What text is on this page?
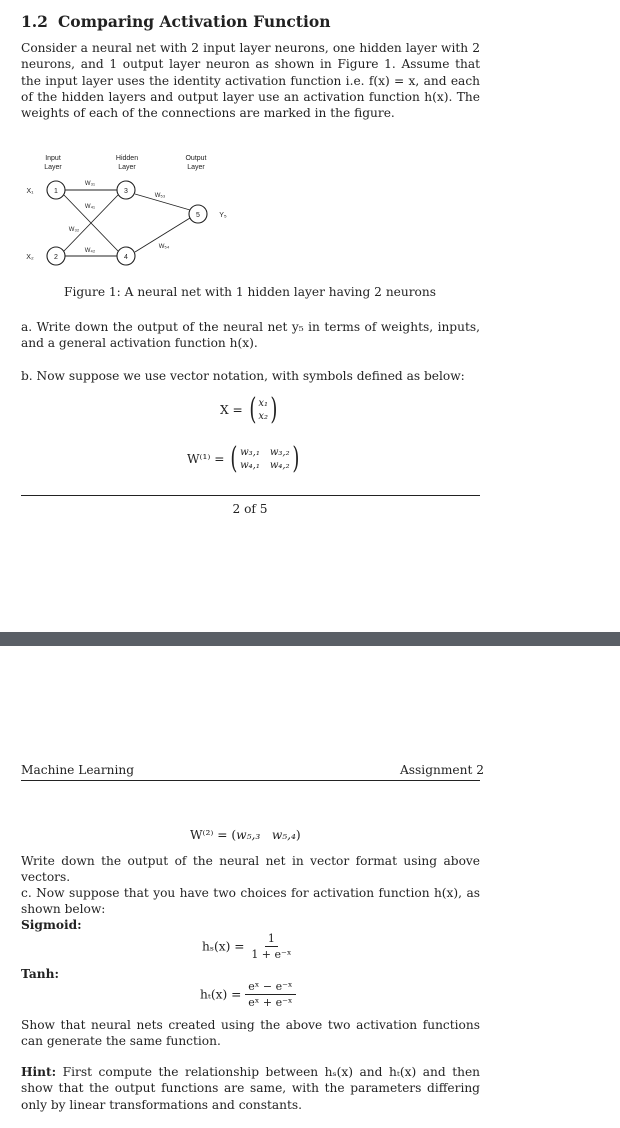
1.2 Comparing Activation Function
Consider a neural net with 2 input layer neurons, one hidden layer with 2 neurons, and 1 output layer neuron as shown in Figure 1. Assume that the input layer uses the identity activation function i.e. f(x) = x, and each of the hidden layers and output layer use an activation function h(x). The weights of each of the connections are marked in the figure.
Input
Layer
Hidden
Layer
Output
Layer
1
2
3
4
5
X₁
X₂
Y₅
W₃₁
W₄₁
W₃₂
W₄₂
W₅₃
W₅₄
Figure 1: A neural net with 1 hidden layer having 2 neurons
a. Write down the output of the neural net y₅ in terms of weights, inputs, and a general activation function h(x).
b. Now suppose we use vector notation, with symbols defined as below:
X = ( x₁
x₂ )
W⁽¹⁾ = ( w₃,₁ w₃,₂
w₄,₁ w₄,₂ )
2 of 5
Machine Learning	Assignment 2
W⁽²⁾ = (w₅,₃ w₅,₄)
Write down the output of the neural net in vector format using above vectors.
c. Now suppose that you have two choices for activation function h(x), as shown below:
Sigmoid:
$h_s(x) = \frac{1}{\text{1 + e⁻ˣ}}$
Tanh:
$h_t(x) = \frac{\text{eˣ − e⁻ˣ}}{\text{eˣ + e⁻ˣ}}$
Show that neural nets created using the above two activation functions can generate the same function.
Hint: First compute the relationship between hₛ(x) and hₜ(x) and then show that the output functions are same, with the parameters differing only by linear transformations and constants.
